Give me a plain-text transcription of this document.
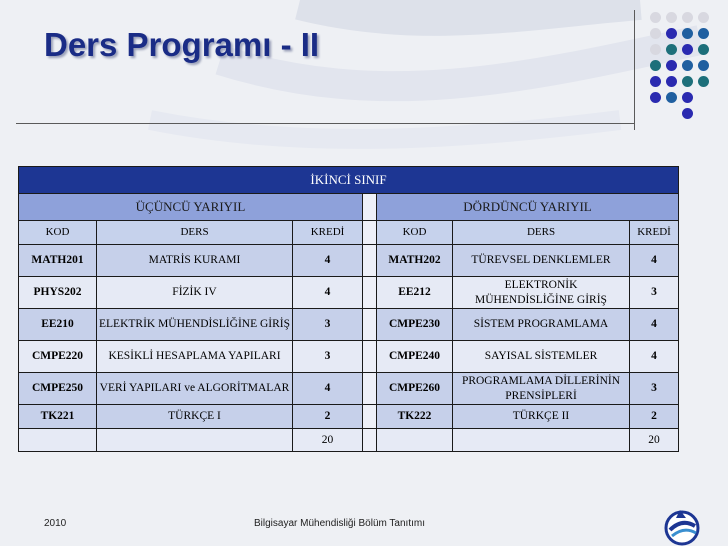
Ders Programı - II
İKİNCİ SINIF						
ÜÇÜNCÜ YARIYIL				DÖRDÜNCÜ YARIYIL		
KOD	DERS	KREDİ		KOD	DERS	KREDİ
MATH201	MATRİS KURAMI	4		MATH202	TÜREVSEL DENKLEMLER	4
PHYS202	FİZİK IV	4		EE212	ELEKTRONİK MÜHENDİSLİĞİNE GİRİŞ	3
EE210	ELEKTRİK MÜHENDİSLİĞİNE GİRİŞ	3		CMPE230	SİSTEM PROGRAMLAMA	4
CMPE220	KESİKLİ HESAPLAMA YAPILARI	3		CMPE240	SAYISAL SİSTEMLER	4
CMPE250	VERİ YAPILARI ve ALGORİTMALAR	4		CMPE260	PROGRAMLAMA DİLLERİNİN PRENSİPLERİ	3
TK221	TÜRKÇE I	2		TK222	TÜRKÇE II	2
		20				20
2010	Bilgisayar Mühendisliği Bölüm Tanıtımı
